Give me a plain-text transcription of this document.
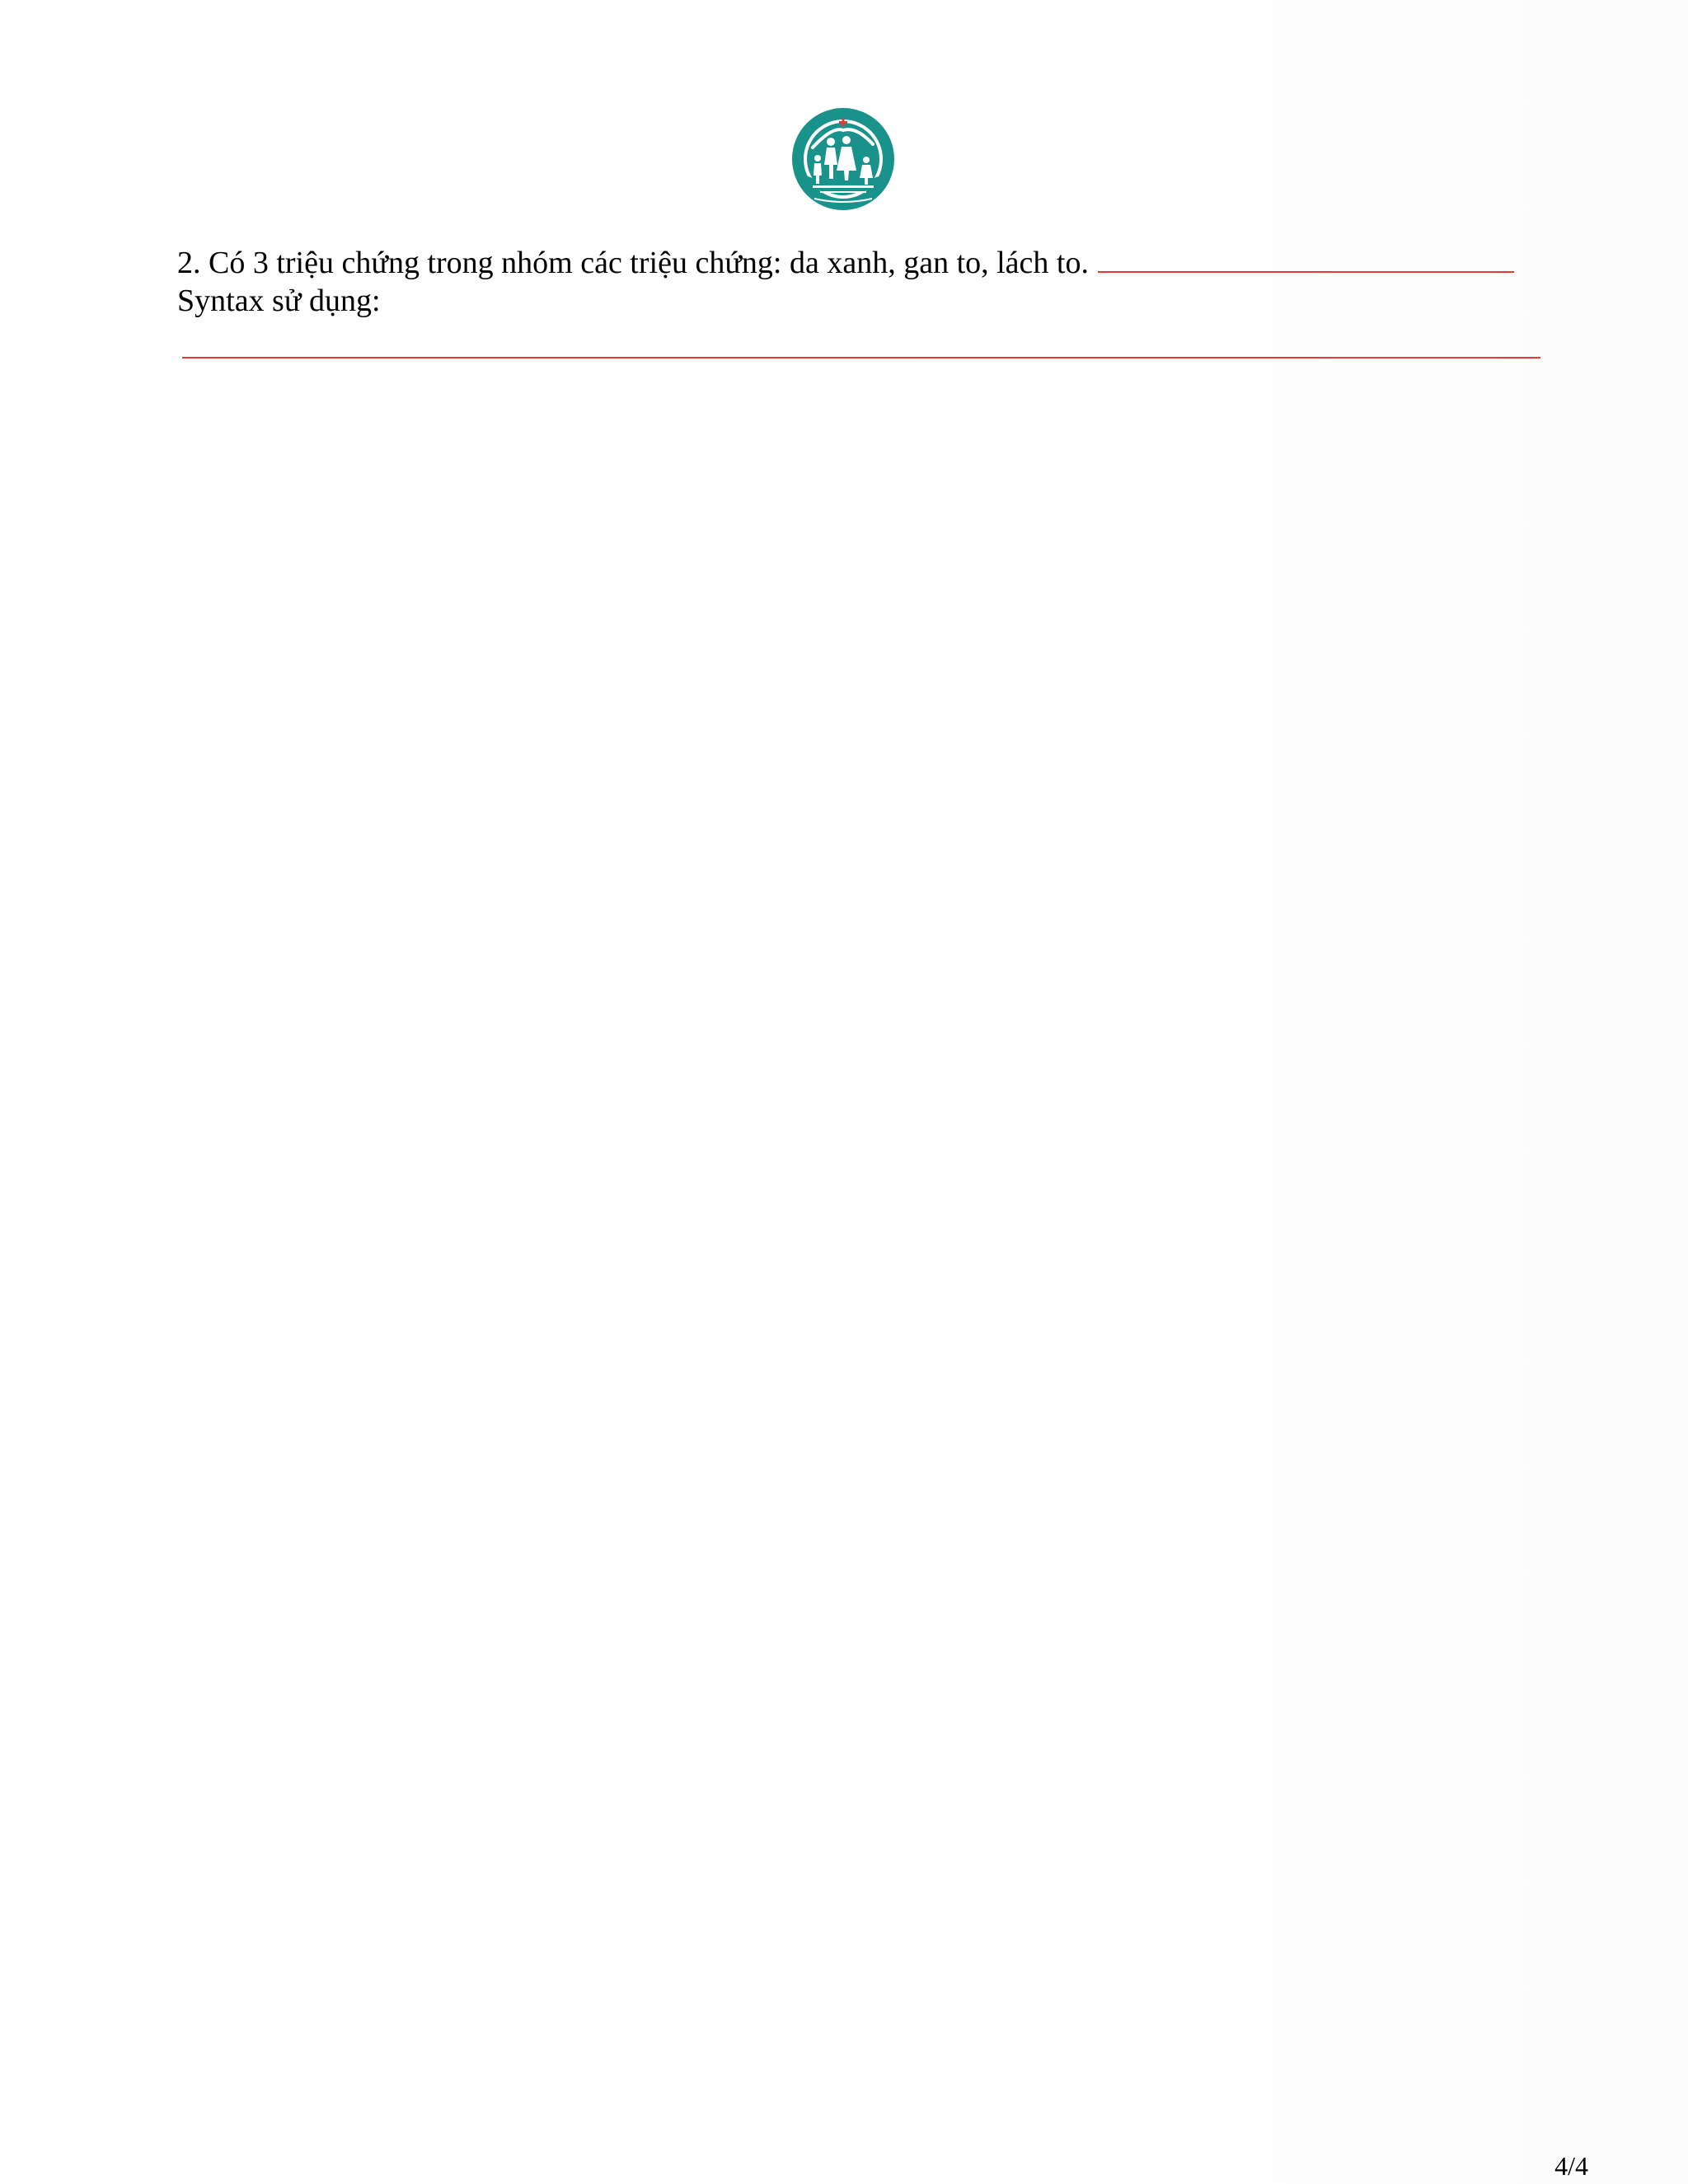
2. Có 3 triệu chứng trong nhóm các triệu chứng: da xanh, gan to, lách to.
Syntax sử dụng:
4/4
